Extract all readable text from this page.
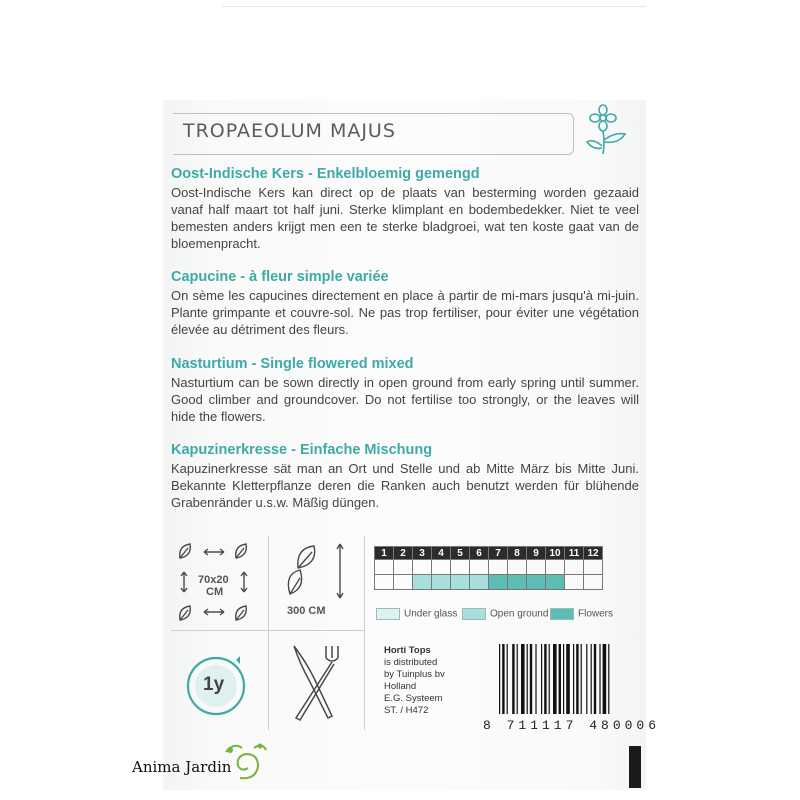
TROPAEOLUM MAJUS
Oost-Indische Kers - Enkelbloemig gemengd
Oost-Indische Kers kan direct op de plaats van besterming worden gezaaid vanaf half maart tot half juni. Sterke klimplant en bodembedekker. Niet te veel bemesten anders krijgt men een te sterke bladgroei, wat ten koste gaat van de bloemenpracht.
Capucine - à fleur simple variée
On sème les capucines directement en place à partir de mi-mars jusqu'à mi-juin. Plante grimpante et couvre-sol. Ne pas trop fertiliser, pour éviter une végétation élevée au détriment des fleurs.
Nasturtium - Single flowered mixed
Nasturtium can be sown directly in open ground from early spring until summer. Good climber and groundcover. Do not fertilise too strongly, or the leaves will hide the flowers.
Kapuzinerkresse - Einfache Mischung
Kapuzinerkresse sät man an Ort und Stelle und ab Mitte März bis Mitte Juni. Bekannte Kletterpflanze deren die Ranken auch benutzt werden für blühende Grabenränder u.s.w. Mäßig düngen.
70x20
CM
300 CM
1y
1	2	3	4	5	6	7	8	9	10	11	12

Under glass	Open ground	Flowers
Horti Tops
is distributed
by Tuinplus bv
Holland
E.G. Systeem
ST. / H472
8 711117 480006
Anima Jardin
